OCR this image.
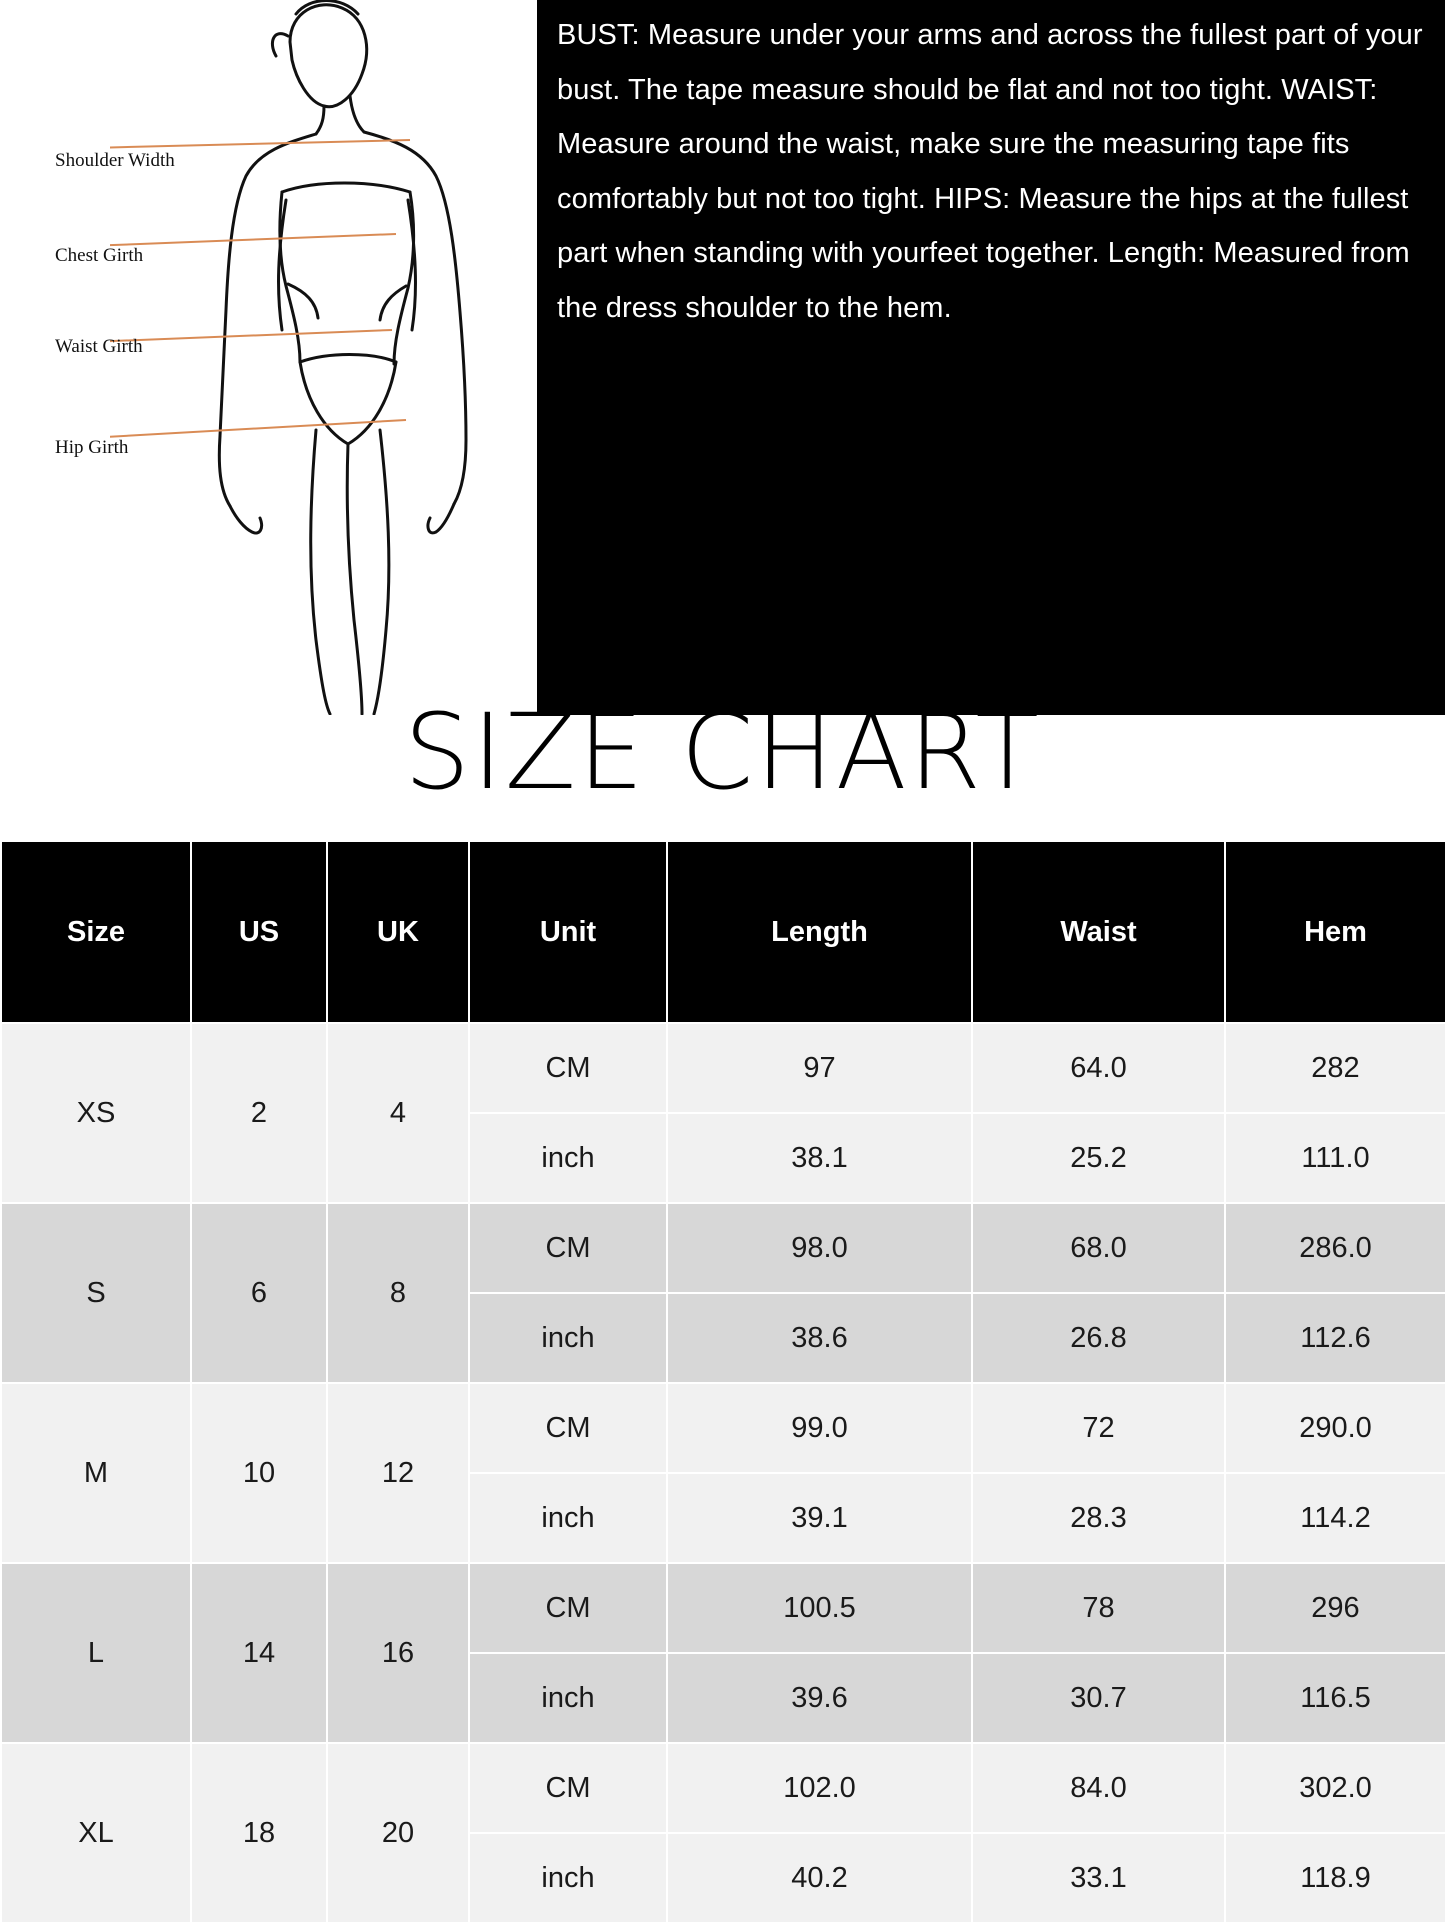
Shoulder Width
Chest Girth
Waist Girth
Hip Girth
BUST: Measure under your arms and across the fullest part of your bust. The tape measure should be flat and not too tight. WAIST: Measure around the waist, make sure the measuring tape fits comfortably but not too tight. HIPS: Measure the hips at the fullest part when standing with yourfeet together. Length: Measured from the dress shoulder to the hem.
SIZE CHART
Size	US	UK	Unit	Length	Waist	Hem
XS	2	4	CM	97	64.0	282
			inch	38.1	25.2	111.0
S	6	8	CM	98.0	68.0	286.0
			inch	38.6	26.8	112.6
M	10	12	CM	99.0	72	290.0
			inch	39.1	28.3	114.2
L	14	16	CM	100.5	78	296
			inch	39.6	30.7	116.5
XL	18	20	CM	102.0	84.0	302.0
			inch	40.2	33.1	118.9
